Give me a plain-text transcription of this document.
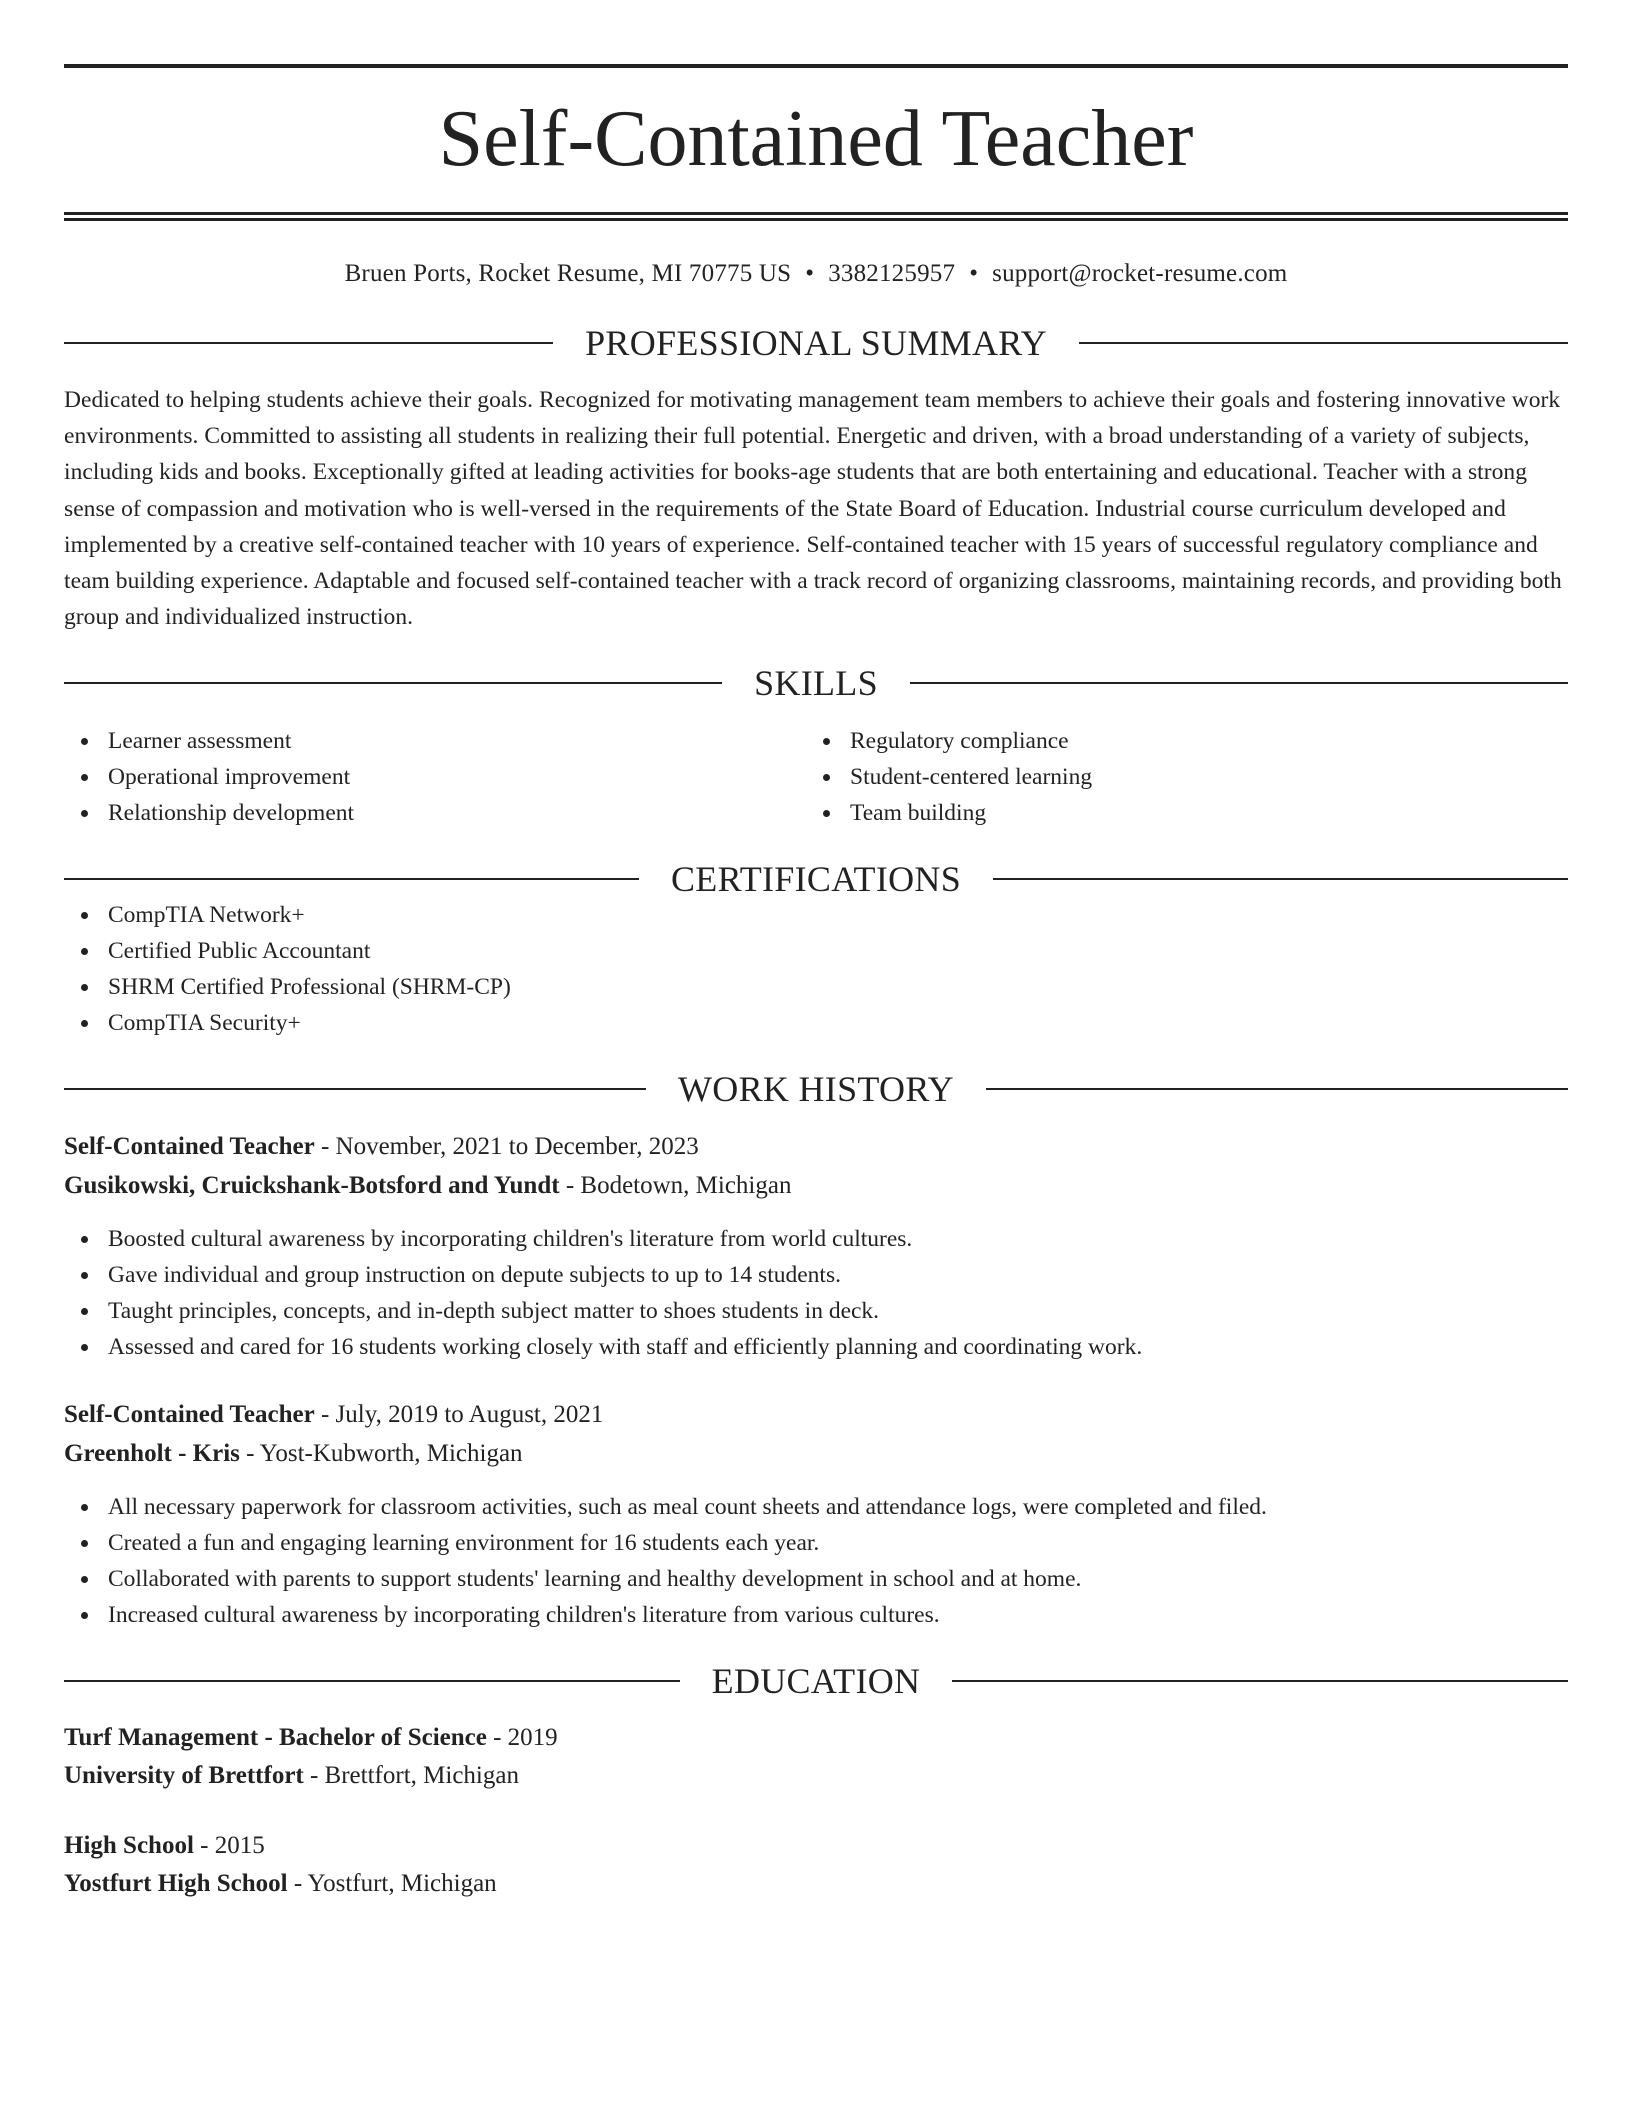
Self-Contained Teacher
Bruen Ports, Rocket Resume, MI 70775 US • 3382125957 • support@rocket-resume.com
PROFESSIONAL SUMMARY
Dedicated to helping students achieve their goals. Recognized for motivating management team members to achieve their goals and fostering innovative work environments. Committed to assisting all students in realizing their full potential. Energetic and driven, with a broad understanding of a variety of subjects, including kids and books. Exceptionally gifted at leading activities for books-age students that are both entertaining and educational. Teacher with a strong sense of compassion and motivation who is well-versed in the requirements of the State Board of Education. Industrial course curriculum developed and implemented by a creative self-contained teacher with 10 years of experience. Self-contained teacher with 15 years of successful regulatory compliance and team building experience. Adaptable and focused self-contained teacher with a track record of organizing classrooms, maintaining records, and providing both group and individualized instruction.
SKILLS
Learner assessment
Operational improvement
Relationship development
Regulatory compliance
Student-centered learning
Team building
CERTIFICATIONS
CompTIA Network+
Certified Public Accountant
SHRM Certified Professional (SHRM-CP)
CompTIA Security+
WORK HISTORY
Self-Contained Teacher - November, 2021 to December, 2023
Gusikowski, Cruickshank-Botsford and Yundt - Bodetown, Michigan
Boosted cultural awareness by incorporating children's literature from world cultures.
Gave individual and group instruction on depute subjects to up to 14 students.
Taught principles, concepts, and in-depth subject matter to shoes students in deck.
Assessed and cared for 16 students working closely with staff and efficiently planning and coordinating work.
Self-Contained Teacher - July, 2019 to August, 2021
Greenholt - Kris - Yost-Kubworth, Michigan
All necessary paperwork for classroom activities, such as meal count sheets and attendance logs, were completed and filed.
Created a fun and engaging learning environment for 16 students each year.
Collaborated with parents to support students' learning and healthy development in school and at home.
Increased cultural awareness by incorporating children's literature from various cultures.
EDUCATION
Turf Management - Bachelor of Science - 2019
University of Brettfort - Brettfort, Michigan
High School - 2015
Yostfurt High School - Yostfurt, Michigan
